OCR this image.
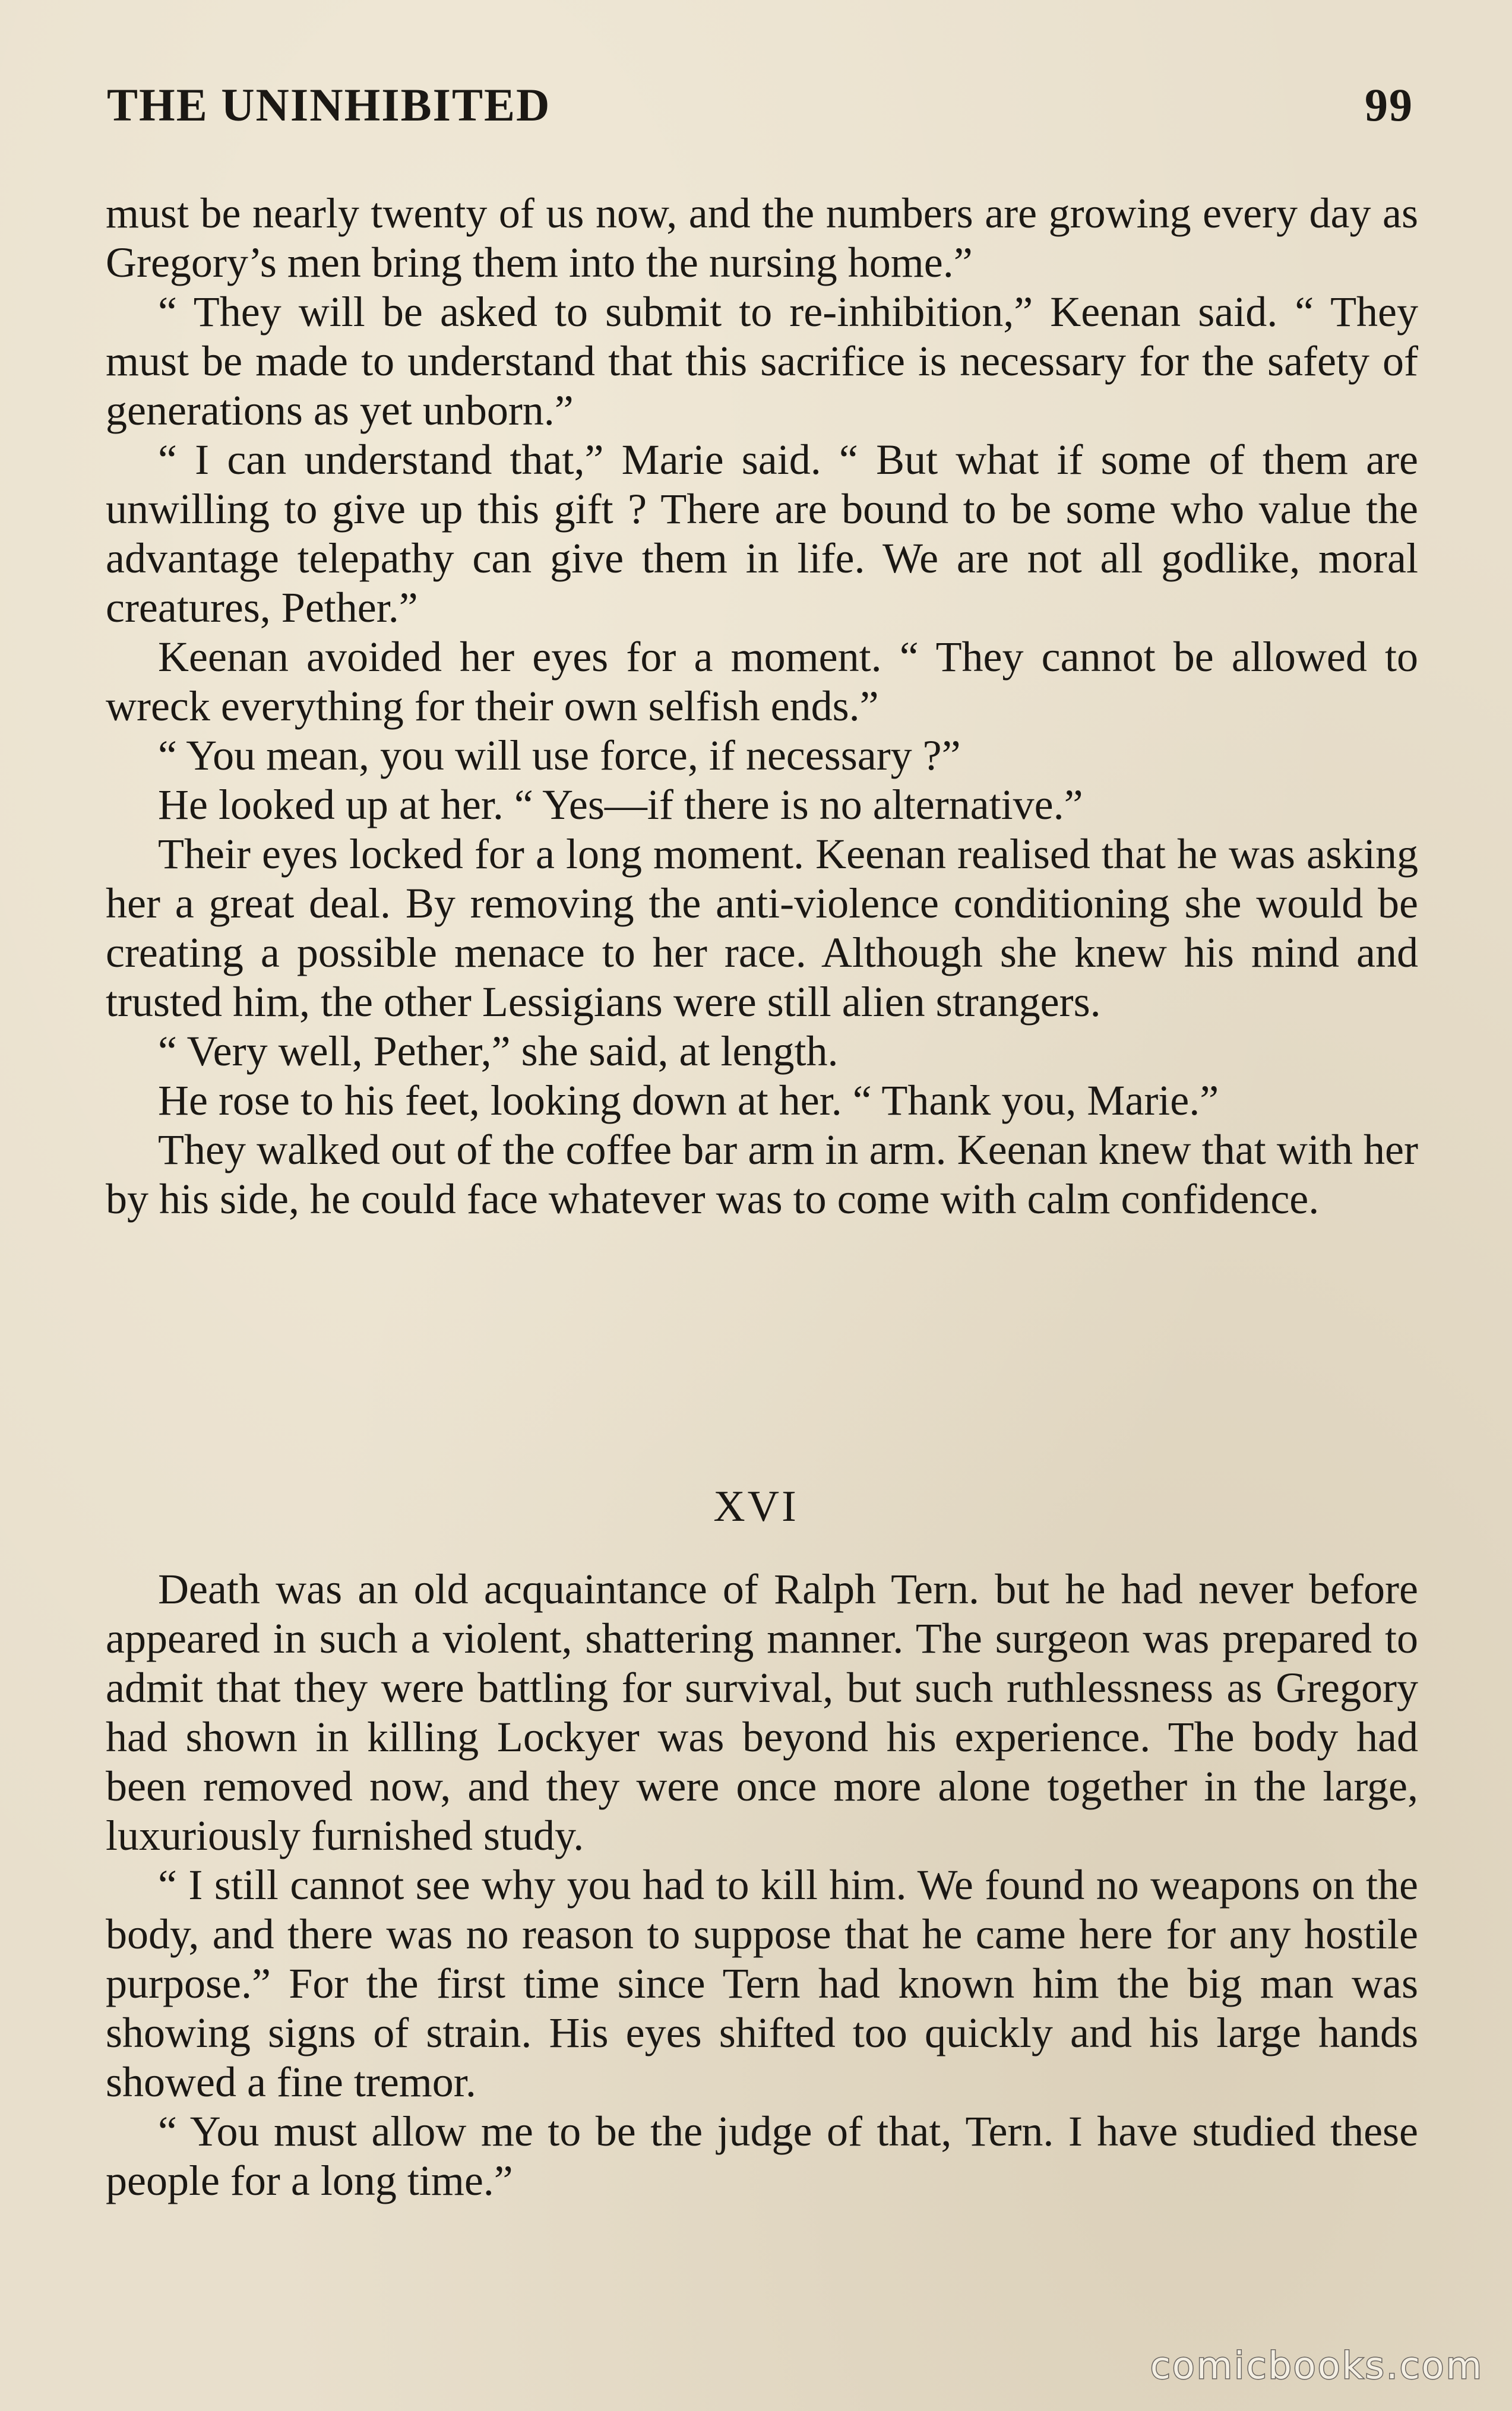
THE UNINHIBITED	99

must be nearly twenty of us now, and the numbers are growing every day as Gregory’s men bring them into the nursing home.”

“ They will be asked to submit to re-inhibition,” Keenan said. “ They must be made to understand that this sacrifice is necessary for the safety of generations as yet unborn.”

“ I can understand that,” Marie said. “ But what if some of them are unwilling to give up this gift ? There are bound to be some who value the advantage telepathy can give them in life. We are not all godlike, moral creatures, Pether.”

Keenan avoided her eyes for a moment. “ They cannot be allowed to wreck everything for their own selfish ends.”

“ You mean, you will use force, if necessary ?”

He looked up at her. “ Yes—if there is no alternative.”

Their eyes locked for a long moment. Keenan realised that he was asking her a great deal. By removing the anti-violence conditioning she would be creating a possible menace to her race. Although she knew his mind and trusted him, the other Lessigians were still alien strangers.

“ Very well, Pether,” she said, at length.

He rose to his feet, looking down at her. “ Thank you, Marie.”

They walked out of the coffee bar arm in arm. Keenan knew that with her by his side, he could face whatever was to come with calm confidence.

XVI

Death was an old acquaintance of Ralph Tern. but he had never before appeared in such a violent, shattering manner. The surgeon was prepared to admit that they were battling for survival, but such ruthlessness as Gregory had shown in killing Lockyer was beyond his experience. The body had been removed now, and they were once more alone together in the large, luxuriously furnished study.

“ I still cannot see why you had to kill him. We found no weapons on the body, and there was no reason to suppose that he came here for any hostile purpose.” For the first time since Tern had known him the big man was showing signs of strain. His eyes shifted too quickly and his large hands showed a fine tremor.

“ You must allow me to be the judge of that, Tern. I have studied these people for a long time.”

comicbooks.com
